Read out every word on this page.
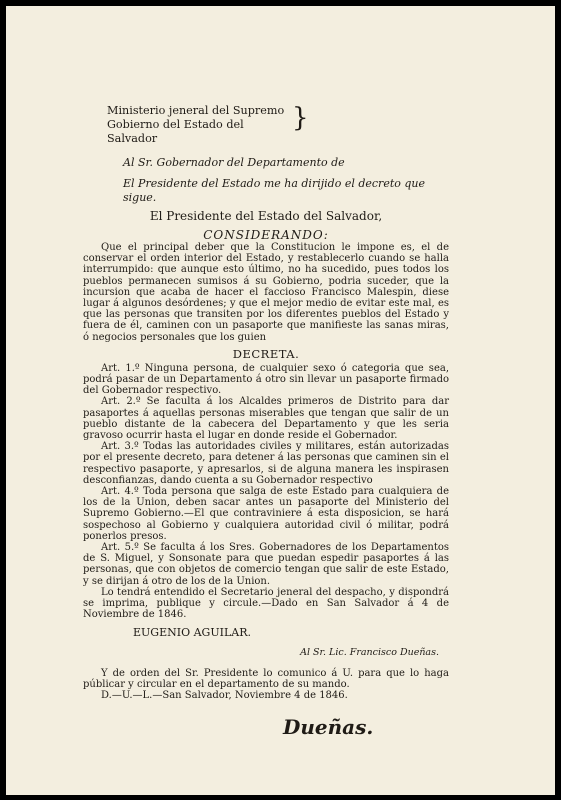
Ministerio jeneral del Supremo
Gobierno del Estado del Salvador
}
Al Sr. Gobernador del Departamento de
El Presidente del Estado me ha dirijido el decreto que sigue.
El Presidente del Estado del Salvador,
CONSIDERANDO:

Que el principal deber que la Constitucion le impone es, el de conservar el orden interior del Estado, y restablecerlo cuando se halla interrumpido: que aunque esto último, no ha sucedido, pues todos los pueblos permanecen sumisos á su Gobierno, podria suceder, que la incursion que acaba de hacer el faccioso Francisco Malespin, diese lugar á algunos desórdenes; y que el mejor medio de evitar este mal, es que las personas que transiten por los diferentes pueblos del Estado y fuera de él, caminen con un pasaporte que manifieste las sanas miras, ó negocios personales que los guien

DECRETA.

Art. 1.º Ninguna persona, de cualquier sexo ó categoria que sea, podrá pasar de un Departamento á otro sin llevar un pasaporte firmado del Gobernador respectivo.

Art. 2.º Se faculta á los Alcaldes primeros de Distrito para dar pasaportes á aquellas personas miserables que tengan que salir de un pueblo distante de la cabecera del Departamento y que les seria gravoso ocurrir hasta el lugar en donde reside el Gobernador.

Art. 3.º Todas las autoridades civiles y militares, están autorizadas por el presente decreto, para detener á las personas que caminen sin el respectivo pasaporte, y apresarlos, si de alguna manera les inspirasen desconfianzas, dando cuenta a su Gobernador respectivo

Art. 4.º Toda persona que salga de este Estado para cualquiera de los de la Union, deben sacar antes un pasaporte del Ministerio del Supremo Gobierno.—El que contraviniere á esta disposicion, se hará sospechoso al Gobierno y cualquiera autoridad civil ó militar, podrá ponerlos presos.

Art. 5.º Se faculta á los Sres. Gobernadores de los Departamentos de S. Miguel, y Sonsonate para que puedan espedir pasaportes á las personas, que con objetos de comercio tengan que salir de este Estado, y se dirijan á otro de los de la Union.

Lo tendrá entendido el Secretario jeneral del despacho, y dispondrá se imprima, publique y circule.—Dado en San Salvador á 4 de Noviembre de 1846.

EUGENIO AGUILAR.
Al Sr. Lic. Francisco Dueñas.

Y de orden del Sr. Presidente lo comunico á U. para que lo haga públicar y circular en el departamento de su mando.

D.—U.—L.—San Salvador, Noviembre 4 de 1846.

Dueñas.
